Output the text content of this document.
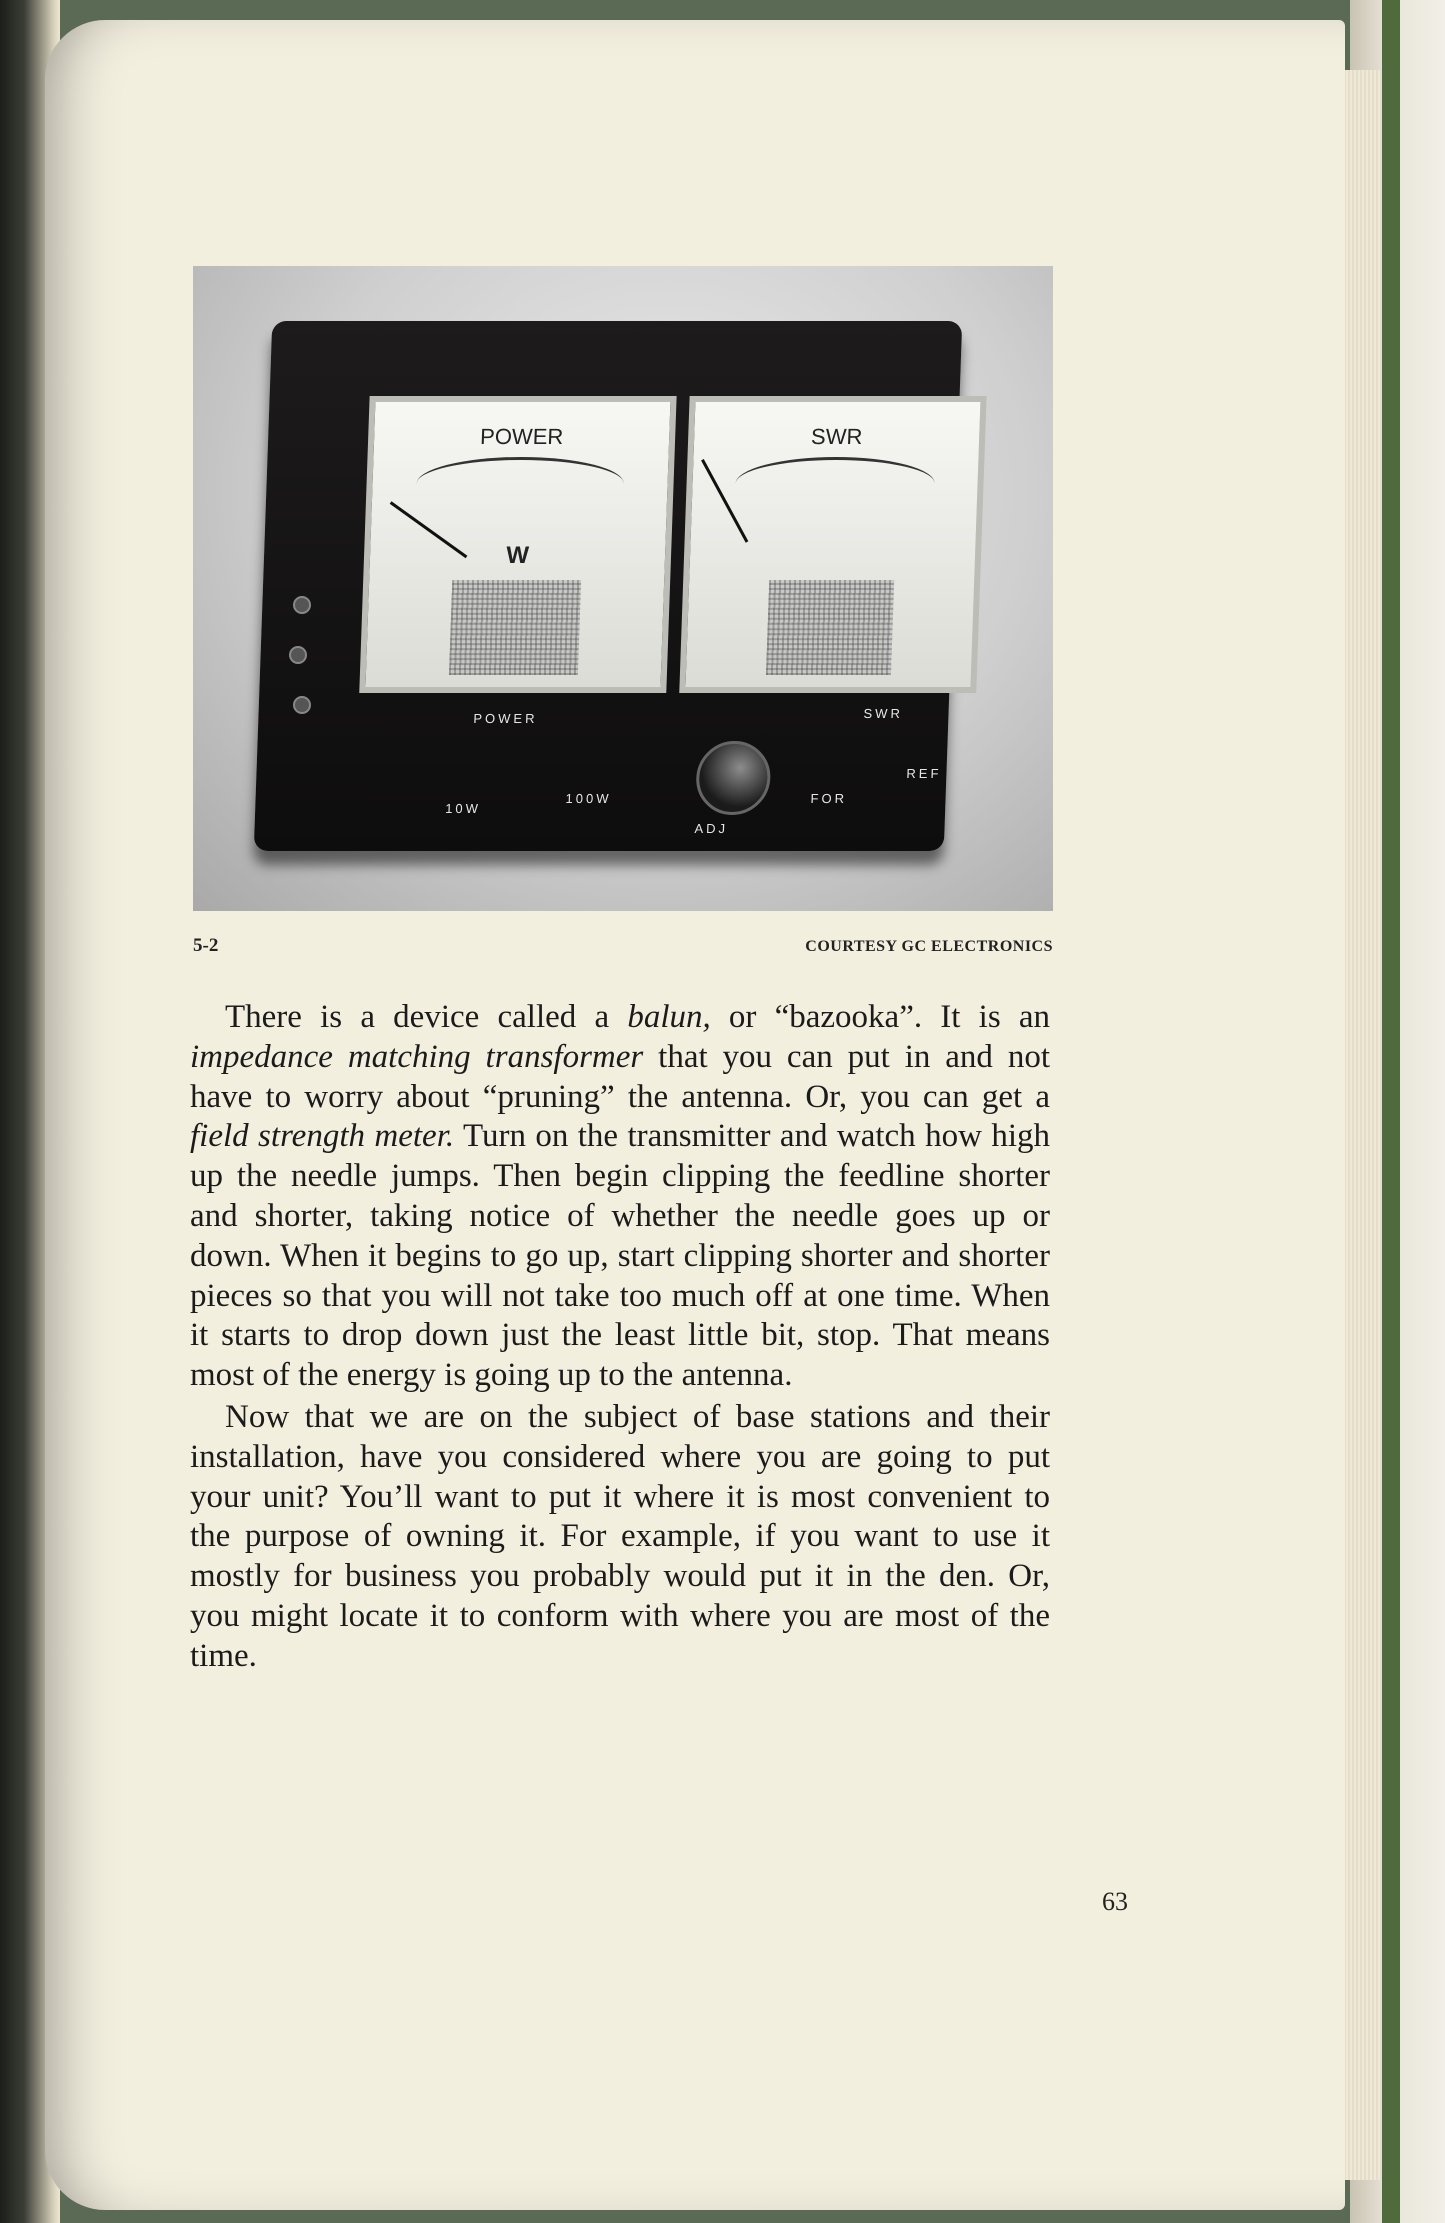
POWER
W
SWR
POWER	SWR
10W
100W
ADJ
FOR
REF
5-2	COURTESY GC ELECTRONICS

There is a device called a balun, or “bazooka”. It is an impedance matching transformer that you can put in and not have to worry about “pruning” the antenna. Or, you can get a field strength meter. Turn on the transmitter and watch how high up the needle jumps. Then begin clipping the feedline shorter and shorter, taking notice of whether the needle goes up or down. When it begins to go up, start clipping shorter and shorter pieces so that you will not take too much off at one time. When it starts to drop down just the least little bit, stop. That means most of the energy is going up to the antenna.

Now that we are on the subject of base stations and their installation, have you considered where you are going to put your unit? You’ll want to put it where it is most convenient to the purpose of owning it. For example, if you want to use it mostly for business you probably would put it in the den. Or, you might locate it to conform with where you are most of the time.

63
